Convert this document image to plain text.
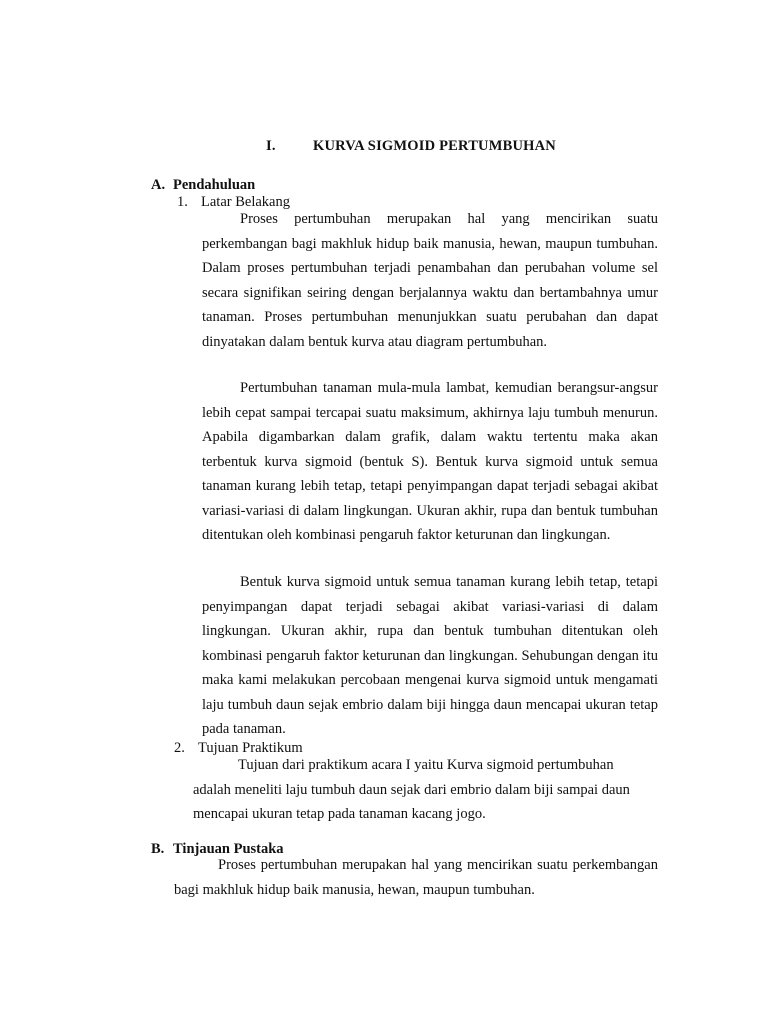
I.	KURVA SIGMOID PERTUMBUHAN
A. Pendahuluan
1. Latar Belakang

Proses pertumbuhan merupakan hal yang mencirikan suatu perkembangan bagi makhluk hidup baik manusia, hewan, maupun tumbuhan. Dalam proses pertumbuhan terjadi penambahan dan perubahan volume sel secara signifikan seiring dengan berjalannya waktu dan bertambahnya umur tanaman. Proses pertumbuhan menunjukkan suatu perubahan dan dapat dinyatakan dalam bentuk kurva atau diagram pertumbuhan.

Pertumbuhan tanaman mula-mula lambat, kemudian berangsur-angsur lebih cepat sampai tercapai suatu maksimum, akhirnya laju tumbuh menurun. Apabila digambarkan dalam grafik, dalam waktu tertentu maka akan terbentuk kurva sigmoid (bentuk S). Bentuk kurva sigmoid untuk semua tanaman kurang lebih tetap, tetapi penyimpangan dapat terjadi sebagai akibat variasi-variasi di dalam lingkungan. Ukuran akhir, rupa dan bentuk tumbuhan ditentukan oleh kombinasi pengaruh faktor keturunan dan lingkungan.

Bentuk kurva sigmoid untuk semua tanaman kurang lebih tetap, tetapi penyimpangan dapat terjadi sebagai akibat variasi-variasi di dalam lingkungan. Ukuran akhir, rupa dan bentuk tumbuhan ditentukan oleh kombinasi pengaruh faktor keturunan dan lingkungan. Sehubungan dengan itu maka kami melakukan percobaan mengenai kurva sigmoid untuk mengamati laju tumbuh daun sejak embrio dalam biji hingga daun mencapai ukuran tetap pada tanaman.

2. Tujuan Praktikum

Tujuan dari praktikum acara I yaitu Kurva sigmoid pertumbuhan adalah meneliti laju tumbuh daun sejak dari embrio dalam biji sampai daun mencapai ukuran tetap pada tanaman kacang jogo.

B. Tinjauan Pustaka

Proses pertumbuhan merupakan hal yang mencirikan suatu perkembangan bagi makhluk hidup baik manusia, hewan, maupun tumbuhan.
